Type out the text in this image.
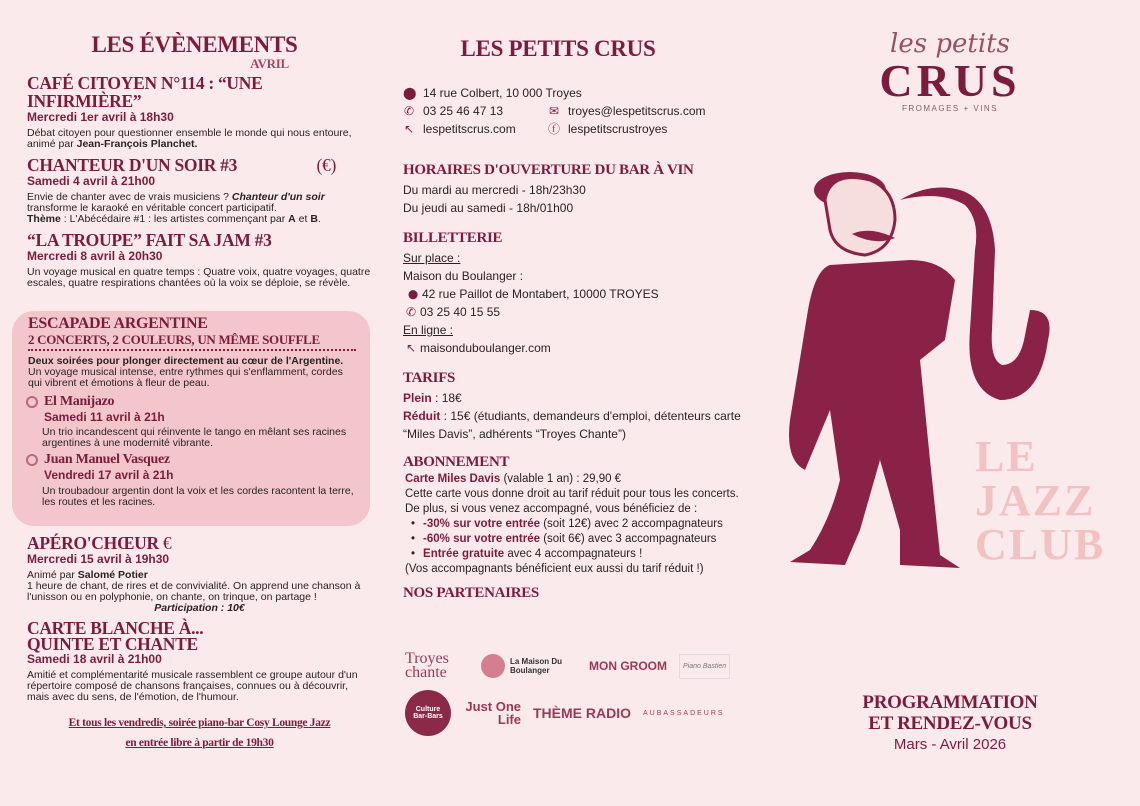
LES ÉVÈNEMENTS
AVRIL
CAFÉ CITOYEN N°114 : “UNE INFIRMIÈRE”
Mercredi 1er avril à 18h30
Débat citoyen pour questionner ensemble le monde qui nous entoure, animé par Jean-François Planchet.
CHANTEUR D'UN SOIR #3	(€)
Samedi 4 avril à 21h00
Envie de chanter avec de vrais musiciens ? Chanteur d'un soir transforme le karaoké en véritable concert participatif.
Thème : L'Abécédaire #1 : les artistes commençant par A et B.
“LA TROUPE” FAIT SA JAM #3
Mercredi 8 avril à 20h30
Un voyage musical en quatre temps : Quatre voix, quatre voyages, quatre escales, quatre respirations chantées où la voix se déploie, se révèle.
ESCAPADE ARGENTINE
2 CONCERTS, 2 COULEURS, UN MÊME SOUFFLE
Deux soirées pour plonger directement au cœur de l'Argentine.
Un voyage musical intense, entre rythmes qui s'enflamment, cordes qui vibrent et émotions à fleur de peau.
El Manijazo
Samedi 11 avril à 21h
Un trio incandescent qui réinvente le tango en mêlant ses racines argentines à une modernité vibrante.
Juan Manuel Vasquez
Vendredi 17 avril à 21h
Un troubadour argentin dont la voix et les cordes racontent la terre, les routes et les racines.
APÉRO'CHŒUR €
Mercredi 15 avril à 19h30
Animé par Salomé Potier
1 heure de chant, de rires et de convivialité. On apprend une chanson à l'unisson ou en polyphonie, on chante, on trinque, on partage !

Participation : 10€
CARTE BLANCHE À...
QUINTE ET CHANTE
Samedi 18 avril à 21h00
Amitié et complémentarité musicale rassemblent ce groupe autour d'un répertoire composé de chansons françaises, connues ou à découvrir, mais avec du sens, de l'émotion, de l'humour.
Et tous les vendredis, soirée piano-bar Cosy Lounge Jazz
en entrée libre à partir de 19h30
LES PETITS CRUS
⬤ 14 rue Colbert, 10 000 Troyes
✆ 03 25 46 47 13	✉ troyes@lespetitscrus.com
↖ lespetitscrus.com	ⓕ lespetitscrustroyes
HORAIRES D'OUVERTURE DU BAR À VIN
Du mardi au mercredi - 18h/23h30
Du jeudi au samedi - 18h/01h00
BILLETTERIE
Sur place :
Maison du Boulanger :
⬤ 42 rue Paillot de Montabert, 10000 TROYES
✆ 03 25 40 15 55
En ligne :
↖ maisonduboulanger.com
TARIFS
Plein : 18€
Réduit : 15€ (étudiants, demandeurs d'emploi, détenteurs carte “Miles Davis”, adhérents “Troyes Chante”)
ABONNEMENT
Carte Miles Davis (valable 1 an) : 29,90 €
Cette carte vous donne droit au tarif réduit pour tous les concerts.
De plus, si vous venez accompagné, vous bénéficiez de :
• -30% sur votre entrée (soit 12€) avec 2 accompagnateurs
• -60% sur votre entrée (soit 6€) avec 3 accompagnateurs
• Entrée gratuite avec 4 accompagnateurs !
(Vos accompagnants bénéficient eux aussi du tarif réduit !)
NOS PARTENAIRES
Troyes chante
La Maison Du Boulanger	MON GROOM	Piano Bastien
Culture Bar-Bars
Just One Life THÈME RADIO AUBASSADEURS
les petits
CRUS
FROMAGES + VINS
LE
JAZZ
CLUB
PROGRAMMATION
ET RENDEZ-VOUS
Mars - Avril 2026
